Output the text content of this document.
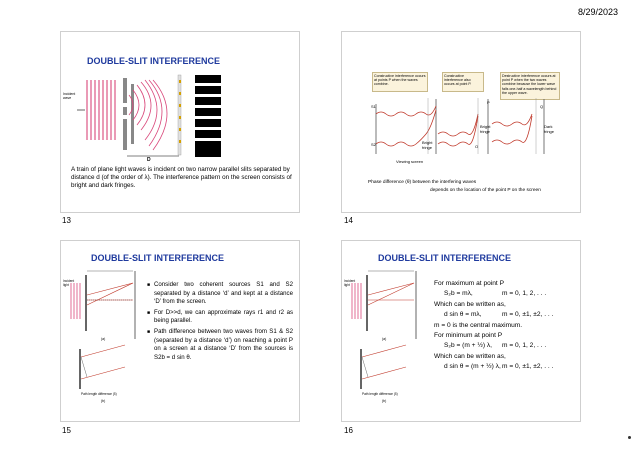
8/29/2023
DOUBLE-SLIT INTERFERENCE
Incident wave
D
A train of plane light waves is incident on two narrow parallel slits separated by distance d (of the order of λ). The interference pattern on the screen consists of bright and dark fringes.
13
Constructive interference occurs at points P when the waves combine.
Constructive interference also occurs at point P.
Destructive interference occurs at point P when the two waves combine because the lower wave falls one-half a wavelength behind the upper wave.
S1
S2	O
P
Q
Bright fringe
Bright fringe
Dark fringe
Viewing screen
Phase difference (θ) between the interfering waves
depends on the location of the point P on the screen
14
DOUBLE-SLIT INTERFERENCE
Incident light
(a)
Path length difference (δ)
(b)

■ Consider two coherent sources S1 and S2 separated by a distance ‘d’ and kept at a distance ‘D’ from the screen.

■ For D>>d, we can approximate rays r1 and r2 as being parallel.

■ Path difference between two waves from S1 & S2 (separated by a distance ‘d’) on reaching a point P on a screen at a distance ‘D’ from the sources is S2b = d sin θ.

15
DOUBLE-SLIT INTERFERENCE
Incident light
(a)
Path length difference (δ)
(b)
For maximum at point P
S₂b = mλ,	m = 0, 1, 2, . . .
Which can be written as,
d sin θ = mλ,	m = 0, ±1, ±2, . . .
m = 0 is the central maximum.
For minimum at point P
S₂b = (m + ½) λ, m = 0, 1, 2, . . .
Which can be written as,
d sin θ = (m + ½) λ,m = 0, ±1, ±2, . . .
16
